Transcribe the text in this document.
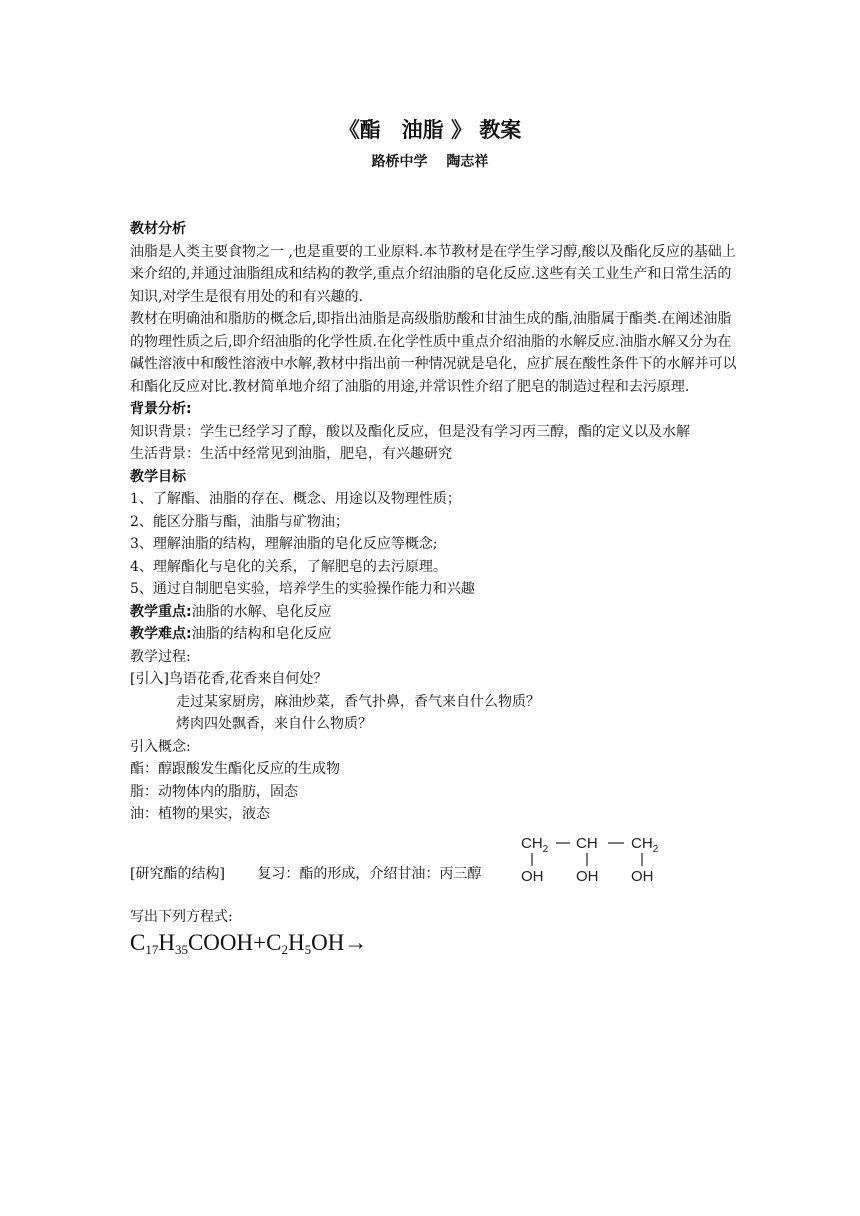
《酯　油脂 》 教案
路桥中学　 陶志祥

教材分析

油脂是人类主要食物之一 ,也是重要的工业原料.本节教材是在学生学习醇,酸以及酯化反应的基础上来介绍的,并通过油脂组成和结构的教学,重点介绍油脂的皂化反应.这些有关工业生产和日常生活的知识,对学生是很有用处的和有兴趣的.

教材在明确油和脂肪的概念后,即指出油脂是高级脂肪酸和甘油生成的酯,油脂属于酯类.在阐述油脂的物理性质之后,即介绍油脂的化学性质.在化学性质中重点介绍油脂的水解反应.油脂水解又分为在碱性溶液中和酸性溶液中水解,教材中指出前一种情况就是皂化，应扩展在酸性条件下的水解并可以和酯化反应对比.教材简单地介绍了油脂的用途,并常识性介绍了肥皂的制造过程和去污原理.

背景分析:

知识背景：学生已经学习了醇，酸以及酯化反应，但是没有学习丙三醇，酯的定义以及水解

生活背景：生活中经常见到油脂，肥皂，有兴趣研究

教学目标

1、了解酯、油脂的存在、概念、用途以及物理性质；

2、能区分脂与酯，油脂与矿物油；

3、理解油脂的结构，理解油脂的皂化反应等概念;

4、理解酯化与皂化的关系，了解肥皂的去污原理。

5、通过自制肥皂实验，培养学生的实验操作能力和兴趣

教学重点:油脂的水解、皂化反应

教学难点:油脂的结构和皂化反应

教学过程:

[引入]鸟语花香,花香来自何处？

走过某家厨房，麻油炒菜，香气扑鼻，香气来自什么物质？

烤肉四处飘香，来自什么物质？

引入概念:

酯：醇跟酸发生酯化反应的生成物

脂：动物体内的脂肪，固态

油：植物的果实，液态

[研究酯的结构]　　 复习：酯的形成，介绍甘油：丙三醇
$CH_2$ CH $CH_2$
OH OH OH

写出下列方程式:

$C_{17}H_{35}COOH+C_2H_5OH\to$
